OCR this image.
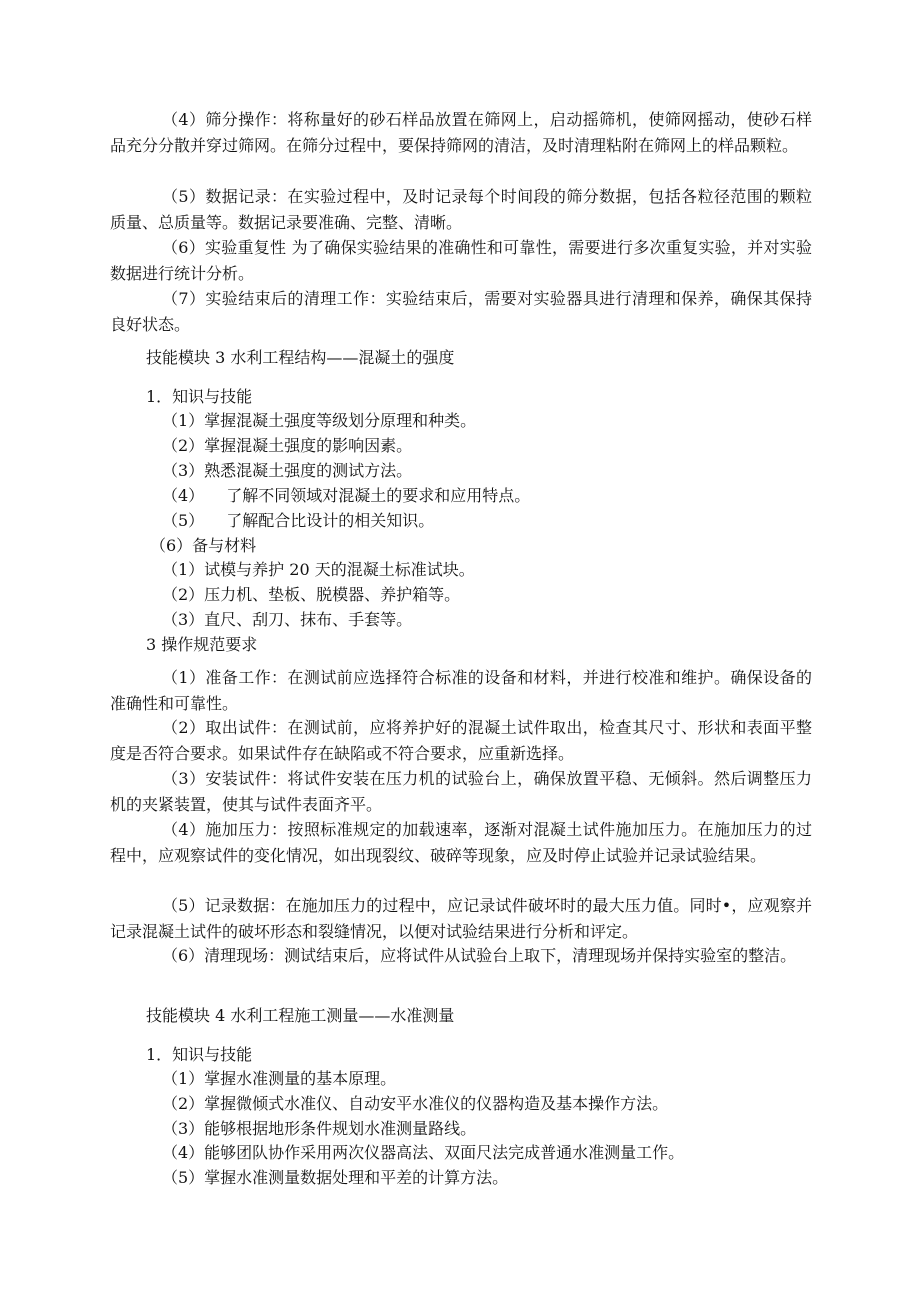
（4）筛分操作：将称量好的砂石样品放置在筛网上，启动摇筛机，使筛网摇动，使砂石样品充分分散并穿过筛网。在筛分过程中，要保持筛网的清洁，及时清理粘附在筛网上的样品颗粒。

（5）数据记录：在实验过程中，及时记录每个时间段的筛分数据，包括各粒径范围的颗粒质量、总质量等。数据记录要准确、完整、清晰。

（6）实验重复性 为了确保实验结果的准确性和可靠性，需要进行多次重复实验，并对实验数据进行统计分析。

（7）实验结束后的清理工作：实验结束后，需要对实验器具进行清理和保养，确保其保持良好状态。

技能模块 3 水利工程结构——混凝土的强度
1．知识与技能
（1）掌握混凝土强度等级划分原理和种类。
（2）掌握混凝土强度的影响因素。
（3）熟悉混凝土强度的测试方法。
（4） 了解不同领域对混凝土的要求和应用特点。
（5） 了解配合比设计的相关知识。
（6）备与材料
（1）试模与养护 20 天的混凝土标准试块。
（2）压力机、垫板、脱模器、养护箱等。
（3）直尺、刮刀、抹布、手套等。
3 操作规范要求

（1）准备工作：在测试前应选择符合标准的设备和材料，并进行校准和维护。确保设备的准确性和可靠性。

（2）取出试件：在测试前，应将养护好的混凝土试件取出，检查其尺寸、形状和表面平整度是否符合要求。如果试件存在缺陷或不符合要求，应重新选择。

（3）安装试件：将试件安装在压力机的试验台上，确保放置平稳、无倾斜。然后调整压力机的夹紧装置，使其与试件表面齐平。

（4）施加压力：按照标准规定的加载速率，逐渐对混凝土试件施加压力。在施加压力的过程中，应观察试件的变化情况，如出现裂纹、破碎等现象，应及时停止试验并记录试验结果。

（5）记录数据：在施加压力的过程中，应记录试件破坏时的最大压力值。同时•，应观察并记录混凝土试件的破坏形态和裂缝情况，以便对试验结果进行分析和评定。

（6）清理现场：测试结束后，应将试件从试验台上取下，清理现场并保持实验室的整洁。

技能模块 4 水利工程施工测量——水准测量
1．知识与技能
（1）掌握水准测量的基本原理。
（2）掌握微倾式水准仪、自动安平水准仪的仪器构造及基本操作方法。
（3）能够根据地形条件规划水准测量路线。
（4）能够团队协作采用两次仪器高法、双面尺法完成普通水准测量工作。
（5）掌握水准测量数据处理和平差的计算方法。
